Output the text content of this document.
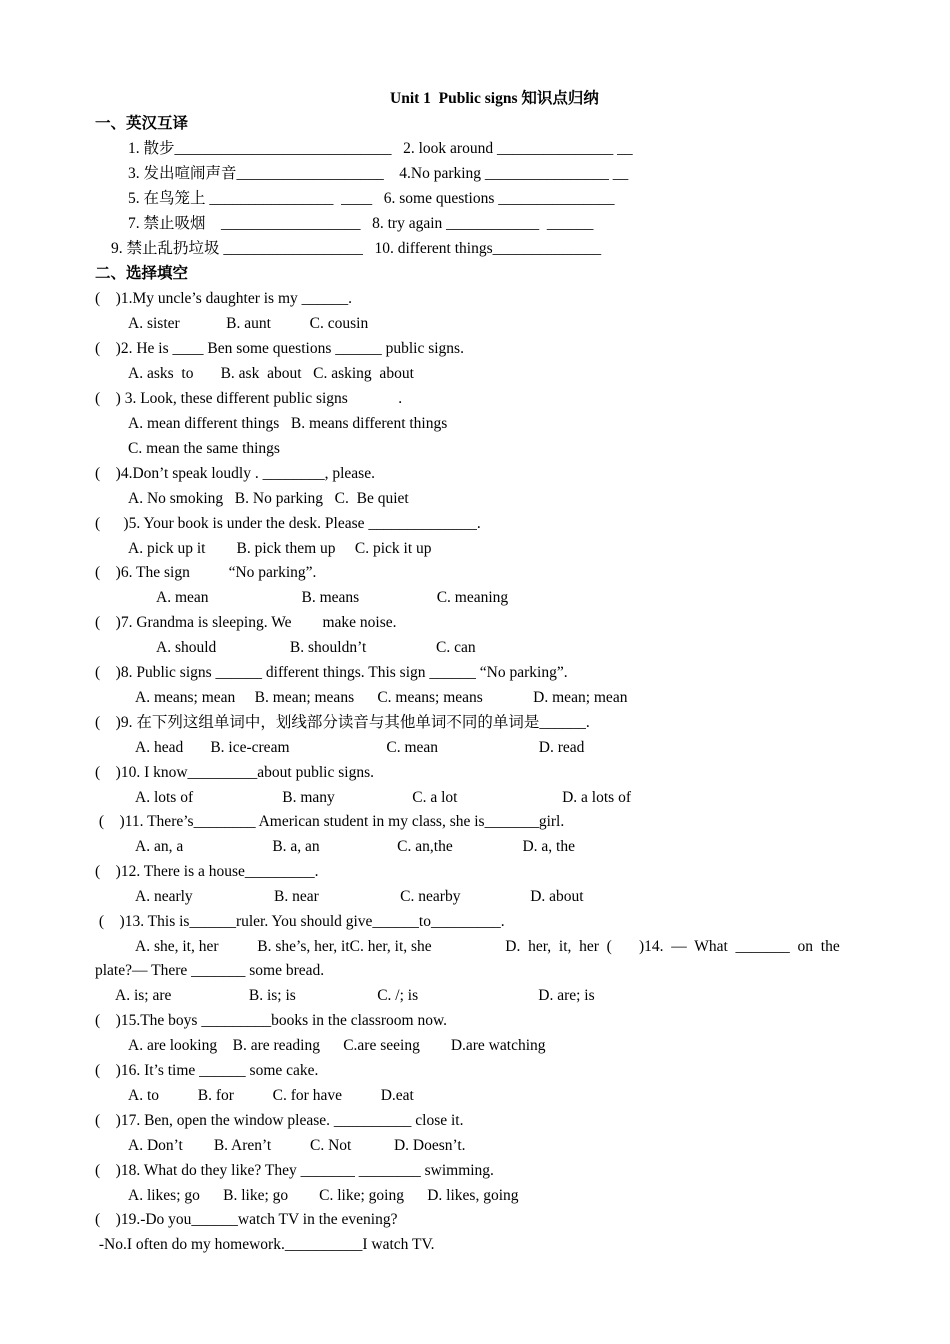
Unit 1  Public signs 知识点归纳
一、英汉互译
1. 散步____________________________   2. look around _______________ __
3. 发出喧闹声音___________________    4.No parking ________________ __
5. 在鸟笼上 ________________  ____   6. some questions _______________
7. 禁止吸烟    __________________   8. try again ____________  ______
9. 禁止乱扔垃圾 __________________   10. different things______________
二、选择填空
(    )1.My uncle’s daughter is my ______.
A. sister            B. aunt          C. cousin
(    )2. He is ____ Ben some questions ______ public signs.
A. asks  to       B. ask  about   C. asking  about
(    ) 3. Look, these different public signs             .
A. mean different things   B. means different things
C. mean the same things
(    )4.Don’t speak loudly . ________, please.
A. No smoking   B. No parking   C.  Be quiet
(      )5. Your book is under the desk. Please ______________.
A. pick up it        B. pick them up     C. pick it up
(    )6. The sign          “No parking”.
A. mean                        B. means                    C. meaning
(    )7. Grandma is sleeping. We        make noise.
A. should                   B. shouldn’t                  C. can
(    )8. Public signs ______ different things. This sign ______ “No parking”.
A. means; mean     B. mean; means      C. means; means             D. mean; mean
(    )9. 在下列这组单词中，划线部分读音与其他单词不同的单词是______.
A. head       B. ice-cream                         C. mean                          D. read
(    )10. I know_________about public signs.
A. lots of                       B. many                    C. a lot                           D. a lots of
(    )11. There’s________ American student in my class, she is_______girl.
A. an, a                       B. a, an                    C. an,the                  D. a, the
(    )12. There is a house_________.
A. nearly                     B. near                     C. nearby                  D. about
(    )13. This is______ruler. You should give______to_________.
A. she, it, her          B. she’s, her, itC. her, it, she                   D.  her,  it,  her  (       )14.  —  What  _______  on  the
plate?— There _______ some bread.
A. is; are                    B. is; is                     C. /; is                               D. are; is
(    )15.The boys _________books in the classroom now.
A. are looking    B. are reading      C.are seeing        D.are watching
(    )16. It’s time ______ some cake.
A. to          B. for          C. for have          D.eat
(    )17. Ben, open the window please. __________ close it.
A. Don’t        B. Aren’t          C. Not           D. Doesn’t.
(    )18. What do they like? They _______ ________ swimming.
A. likes; go      B. like; go        C. like; going      D. likes, going
(    )19.-Do you______watch TV in the evening?
-No.I often do my homework.__________I watch TV.
